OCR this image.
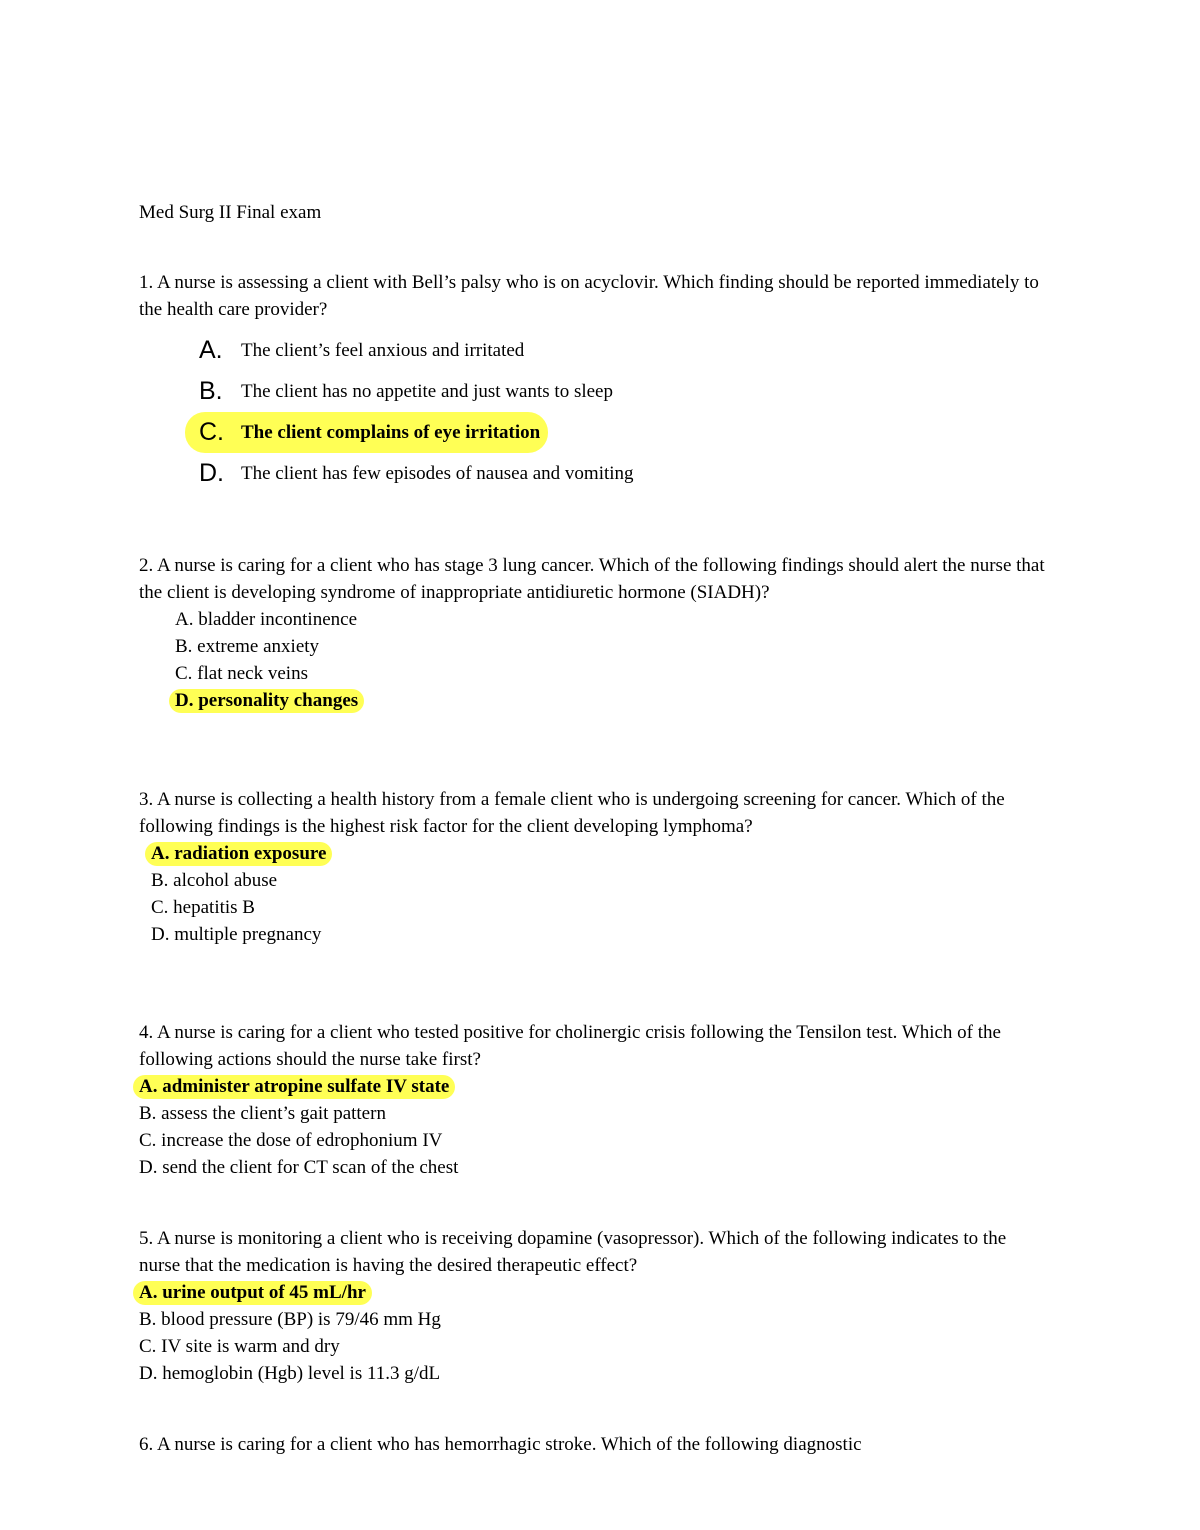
Med Surg II Final exam

1. A nurse is assessing a client with Bell’s palsy who is on acyclovir. Which finding should be reported immediately to the health care provider?

A. The client’s feel anxious and irritated
B. The client has no appetite and just wants to sleep
C. The client complains of eye irritation
D. The client has few episodes of nausea and vomiting

2. A nurse is caring for a client who has stage 3 lung cancer. Which of the following findings should alert the nurse that the client is developing syndrome of inappropriate antidiuretic hormone (SIADH)?

A. bladder incontinence
B. extreme anxiety
C. flat neck veins
D. personality changes

3. A nurse is collecting a health history from a female client who is undergoing screening for cancer. Which of the following findings is the highest risk factor for the client developing lymphoma?

A. radiation exposure
B. alcohol abuse
C. hepatitis B
D. multiple pregnancy

4. A nurse is caring for a client who tested positive for cholinergic crisis following the Tensilon test. Which of the following actions should the nurse take first?

A. administer atropine sulfate IV state
B. assess the client’s gait pattern
C. increase the dose of edrophonium IV
D. send the client for CT scan of the chest

5. A nurse is monitoring a client who is receiving dopamine (vasopressor). Which of the following indicates to the nurse that the medication is having the desired therapeutic effect?

A. urine output of 45 mL/hr
B. blood pressure (BP) is 79/46 mm Hg
C. IV site is warm and dry
D. hemoglobin (Hgb) level is 11.3 g/dL

6. A nurse is caring for a client who has hemorrhagic stroke. Which of the following diagnostic
